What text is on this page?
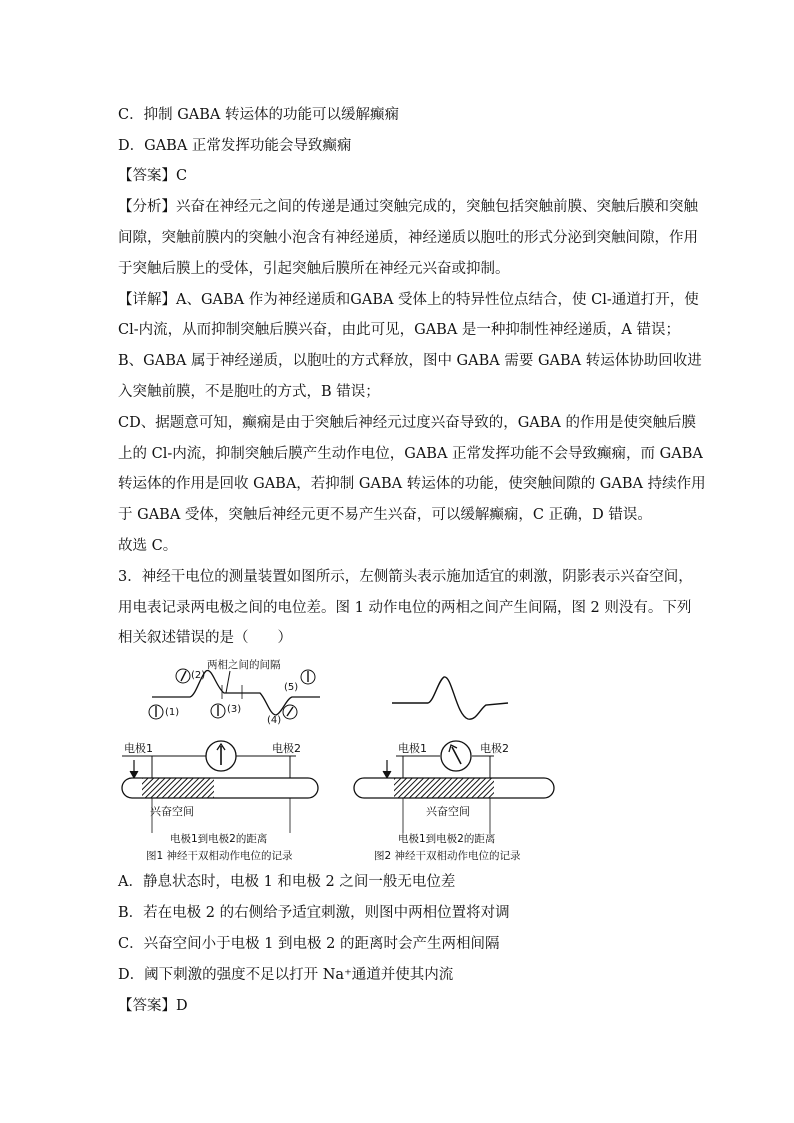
C．抑制 GABA 转运体的功能可以缓解癫痫
D．GABA 正常发挥功能会导致癫痫
【答案】C
【分析】兴奋在神经元之间的传递是通过突触完成的，突触包括突触前膜、突触后膜和突触
间隙，突触前膜内的突触小泡含有神经递质，神经递质以胞吐的形式分泌到突触间隙，作用
于突触后膜上的受体，引起突触后膜所在神经元兴奋或抑制。
【详解】A、GABA 作为神经递质和GABA 受体上的特异性位点结合，使 Cl-通道打开，使
Cl-内流，从而抑制突触后膜兴奋，由此可见，GABA 是一种抑制性神经递质，A 错误；
B、GABA 属于神经递质，以胞吐的方式释放，图中 GABA 需要 GABA 转运体协助回收进
入突触前膜，不是胞吐的方式，B 错误；
CD、据题意可知，癫痫是由于突触后神经元过度兴奋导致的，GABA 的作用是使突触后膜
上的 Cl-内流，抑制突触后膜产生动作电位，GABA 正常发挥功能不会导致癫痫，而 GABA
转运体的作用是回收 GABA，若抑制 GABA 转运体的功能，使突触间隙的 GABA 持续作用
于 GABA 受体，突触后神经元更不易产生兴奋，可以缓解癫痫，C 正确，D 错误。
故选 C。
3．神经干电位的测量装置如图所示，左侧箭头表示施加适宜的刺激，阴影表示兴奋空间，
用电表记录两电极之间的电位差。图 1 动作电位的两相之间产生间隔，图 2 则没有。下列
相关叙述错误的是（　　）
两相之间的间隔
(1)
(2)
(3)
(4)
(5)
电极1	电极2
兴奋空间
电极1到电极2的距离
图1 神经干双相动作电位的记录
电极1	电极2
兴奋空间
电极1到电极2的距离
图2 神经干双相动作电位的记录
A．静息状态时，电极 1 和电极 2 之间一般无电位差
B．若在电极 2 的右侧给予适宜刺激，则图中两相位置将对调
C．兴奋空间小于电极 1 到电极 2 的距离时会产生两相间隔
D．阈下刺激的强度不足以打开 Na⁺通道并使其内流
【答案】D
